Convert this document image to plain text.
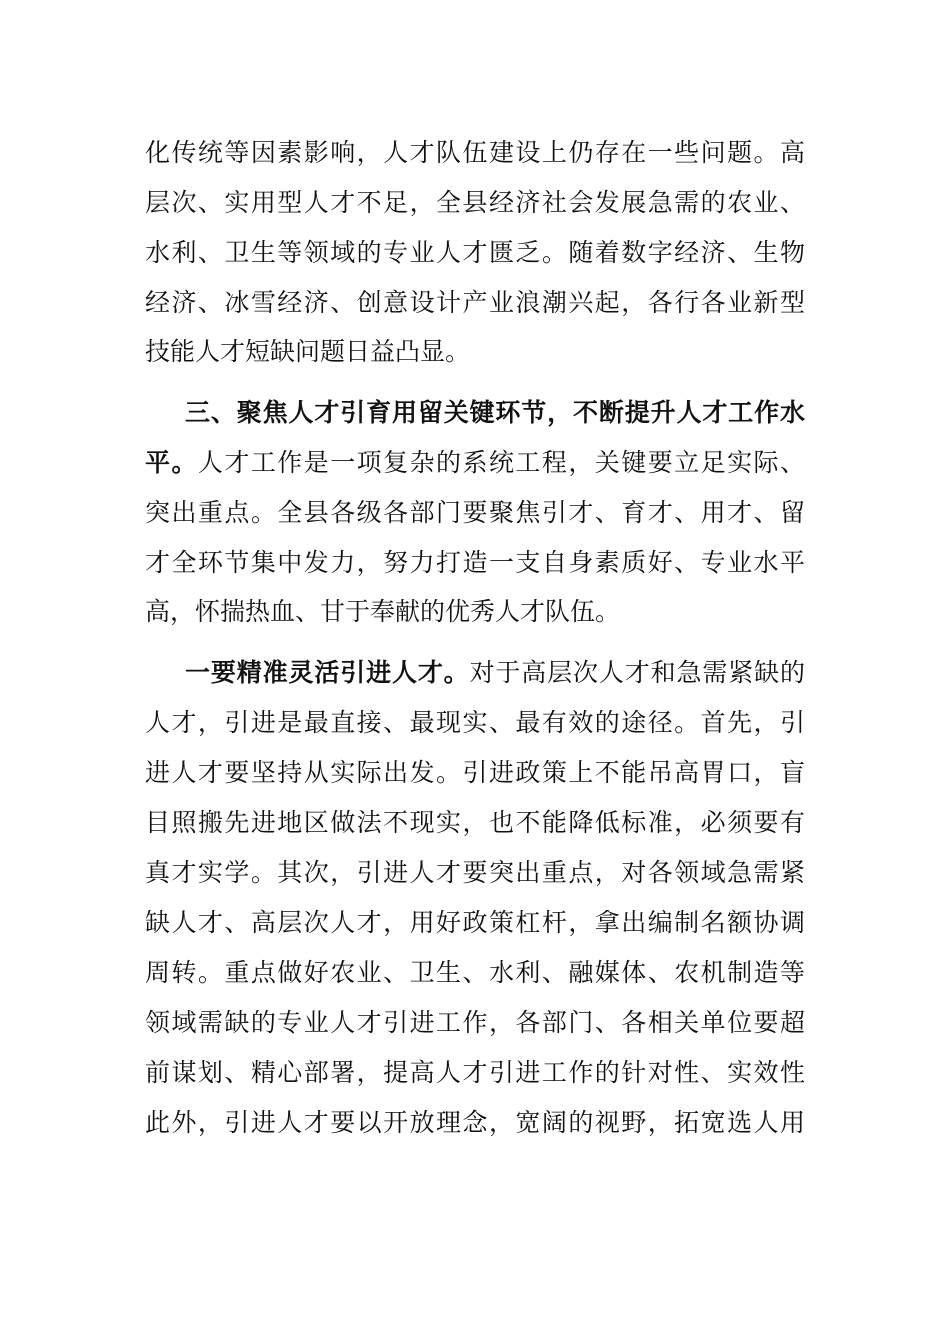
化传统等因素影响，人才队伍建设上仍存在一些问题。高
层次、实用型人才不足，全县经济社会发展急需的农业、
水利、卫生等领域的专业人才匮乏。随着数字经济、生物
经济、冰雪经济、创意设计产业浪潮兴起，各行各业新型
技能人才短缺问题日益凸显。
三、聚焦人才引育用留关键环节，不断提升人才工作水
平。人才工作是一项复杂的系统工程，关键要立足实际、
突出重点。全县各级各部门要聚焦引才、育才、用才、留
才全环节集中发力，努力打造一支自身素质好、专业水平
高，怀揣热血、甘于奉献的优秀人才队伍。
一要精准灵活引进人才。对于高层次人才和急需紧缺的
人才，引进是最直接、最现实、最有效的途径。首先，引
进人才要坚持从实际出发。引进政策上不能吊高胃口，盲
目照搬先进地区做法不现实，也不能降低标准，必须要有
真才实学。其次，引进人才要突出重点，对各领域急需紧
缺人才、高层次人才，用好政策杠杆，拿出编制名额协调
周转。重点做好农业、卫生、水利、融媒体、农机制造等
领域需缺的专业人才引进工作，各部门、各相关单位要超
前谋划、精心部署，提高人才引进工作的针对性、实效性
此外，引进人才要以开放理念，宽阔的视野，拓宽选人用
